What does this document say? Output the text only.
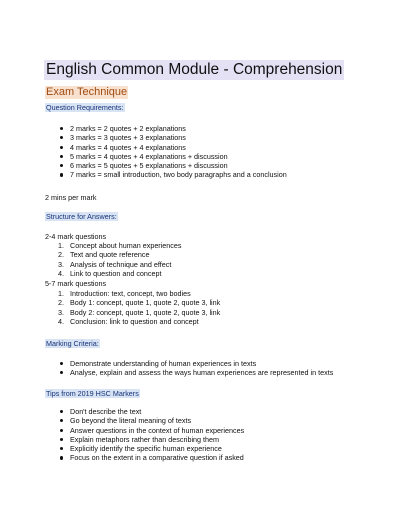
English Common Module - Comprehension
Exam Technique
Question Requirements:
2 marks = 2 quotes + 2 explanations
3 marks = 3 quotes + 3 explanations
4 marks = 4 quotes + 4 explanations
5 marks = 4 quotes + 4 explanations + discussion
6 marks = 5 quotes + 5 explanations + discussion
7 marks = small introduction, two body paragraphs and a conclusion
2 mins per mark
Structure for Answers:
2-4 mark questions
1. Concept about human experiences
2. Text and quote reference
3. Analysis of technique and effect
4. Link to question and concept
5-7 mark questions
1. Introduction: text, concept, two bodies
2. Body 1: concept, quote 1, quote 2, quote 3, link
3. Body 2: concept, quote 1, quote 2, quote 3, link
4. Conclusion: link to question and concept
Marking Criteria:
Demonstrate understanding of human experiences in texts
Analyse, explain and assess the ways human experiences are represented in texts
Tips from 2019 HSC Markers
Don't describe the text
Go beyond the literal meaning of texts
Answer questions in the context of human experiences
Explain metaphors rather than describing them
Explicitly identify the specific human experience
Focus on the extent in a comparative question if asked
